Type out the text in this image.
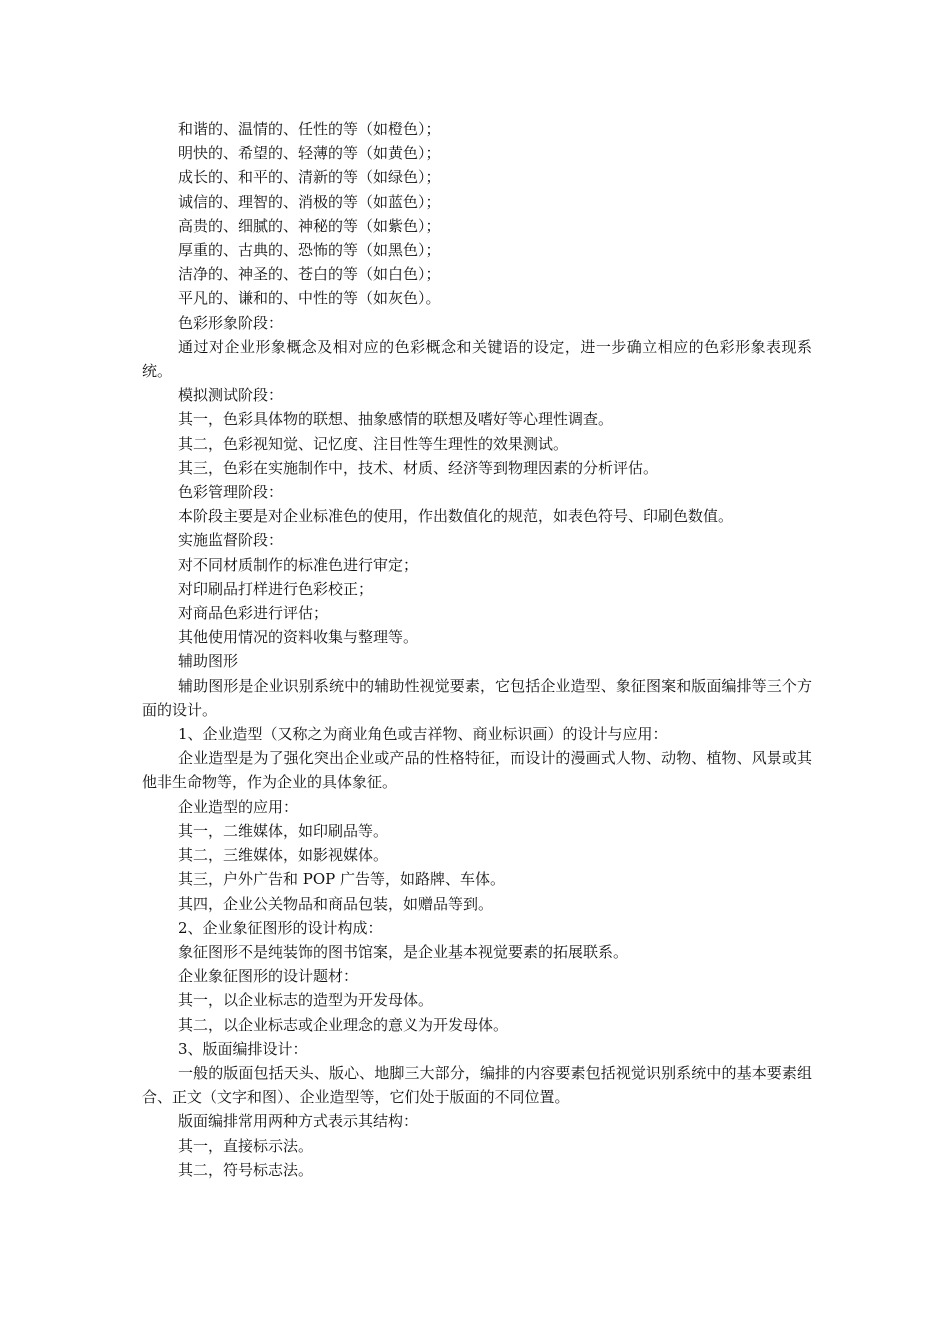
和谐的、温情的、任性的等（如橙色）；

明快的、希望的、轻薄的等（如黄色）；

成长的、和平的、清新的等（如绿色）；

诚信的、理智的、消极的等（如蓝色）；

高贵的、细腻的、神秘的等（如紫色）；

厚重的、古典的、恐怖的等（如黑色）；

洁净的、神圣的、苍白的等（如白色）；

平凡的、谦和的、中性的等（如灰色）。

色彩形象阶段：

通过对企业形象概念及相对应的色彩概念和关键语的设定，进一步确立相应的色彩形象表现系统。

模拟测试阶段：

其一，色彩具体物的联想、抽象感情的联想及嗜好等心理性调查。

其二，色彩视知觉、记忆度、注目性等生理性的效果测试。

其三，色彩在实施制作中，技术、材质、经济等到物理因素的分析评估。

色彩管理阶段：

本阶段主要是对企业标准色的使用，作出数值化的规范，如表色符号、印刷色数值。

实施监督阶段：

对不同材质制作的标准色进行审定；

对印刷品打样进行色彩校正；

对商品色彩进行评估；

其他使用情况的资料收集与整理等。

辅助图形

辅助图形是企业识别系统中的辅助性视觉要素，它包括企业造型、象征图案和版面编排等三个方面的设计。

1、企业造型（又称之为商业角色或吉祥物、商业标识画）的设计与应用：

企业造型是为了强化突出企业或产品的性格特征，而设计的漫画式人物、动物、植物、风景或其他非生命物等，作为企业的具体象征。

企业造型的应用：

其一，二维媒体，如印刷品等。

其二，三维媒体，如影视媒体。

其三，户外广告和 POP 广告等，如路牌、车体。

其四，企业公关物品和商品包装，如赠品等到。

2、企业象征图形的设计构成：

象征图形不是纯装饰的图书馆案，是企业基本视觉要素的拓展联系。

企业象征图形的设计题材：

其一，以企业标志的造型为开发母体。

其二，以企业标志或企业理念的意义为开发母体。

3、版面编排设计：

一般的版面包括天头、版心、地脚三大部分，编排的内容要素包括视觉识别系统中的基本要素组合、正文（文字和图）、企业造型等，它们处于版面的不同位置。

版面编排常用两种方式表示其结构：

其一，直接标示法。

其二，符号标志法。
